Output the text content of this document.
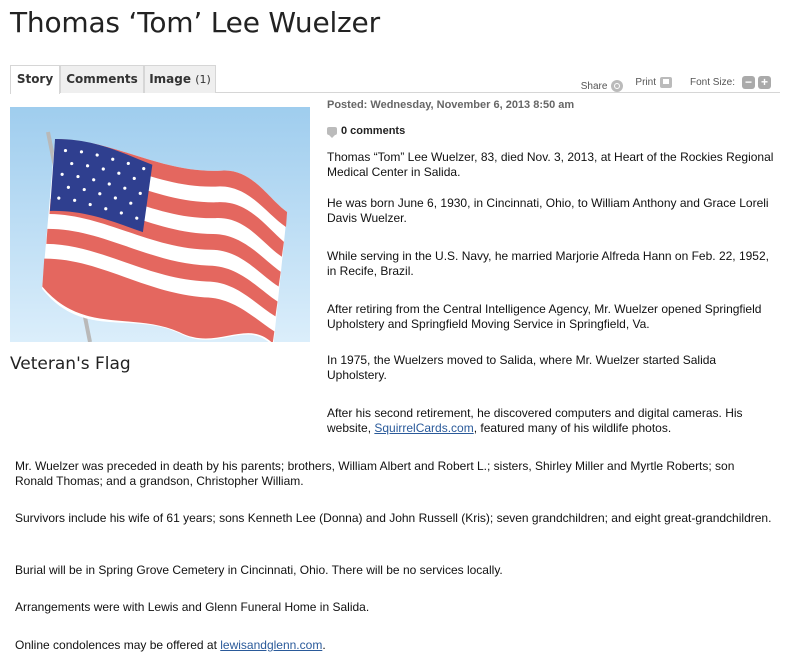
Thomas ‘Tom’ Lee Wuelzer
Story	Comments Image (1)	Share	Print	Font Size: − +
Veteran's Flag
Posted: Wednesday, November 6, 2013 8:50 am
0 comments

Thomas “Tom” Lee Wuelzer, 83, died Nov. 3, 2013, at Heart of the Rockies Regional Medical Center in Salida.

He was born June 6, 1930, in Cincinnati, Ohio, to William Anthony and Grace Loreli Davis Wuelzer.

While serving in the U.S. Navy, he married Marjorie Alfreda Hann on Feb. 22, 1952, in Recife, Brazil.

After retiring from the Central Intelligence Agency, Mr. Wuelzer opened Springfield Upholstery and Springfield Moving Service in Springfield, Va.

In 1975, the Wuelzers moved to Salida, where Mr. Wuelzer started Salida Upholstery.

After his second retirement, he discovered computers and digital cameras. His website, SquirrelCards.com, featured many of his wildlife photos.

Mr. Wuelzer was preceded in death by his parents; brothers, William Albert and Robert L.; sisters, Shirley Miller and Myrtle Roberts; son Ronald Thomas; and a grandson, Christopher William.

Survivors include his wife of 61 years; sons Kenneth Lee (Donna) and John Russell (Kris); seven grandchildren; and eight great-grandchildren.

Burial will be in Spring Grove Cemetery in Cincinnati, Ohio. There will be no services locally.

Arrangements were with Lewis and Glenn Funeral Home in Salida.

Online condolences may be offered at lewisandglenn.com.
